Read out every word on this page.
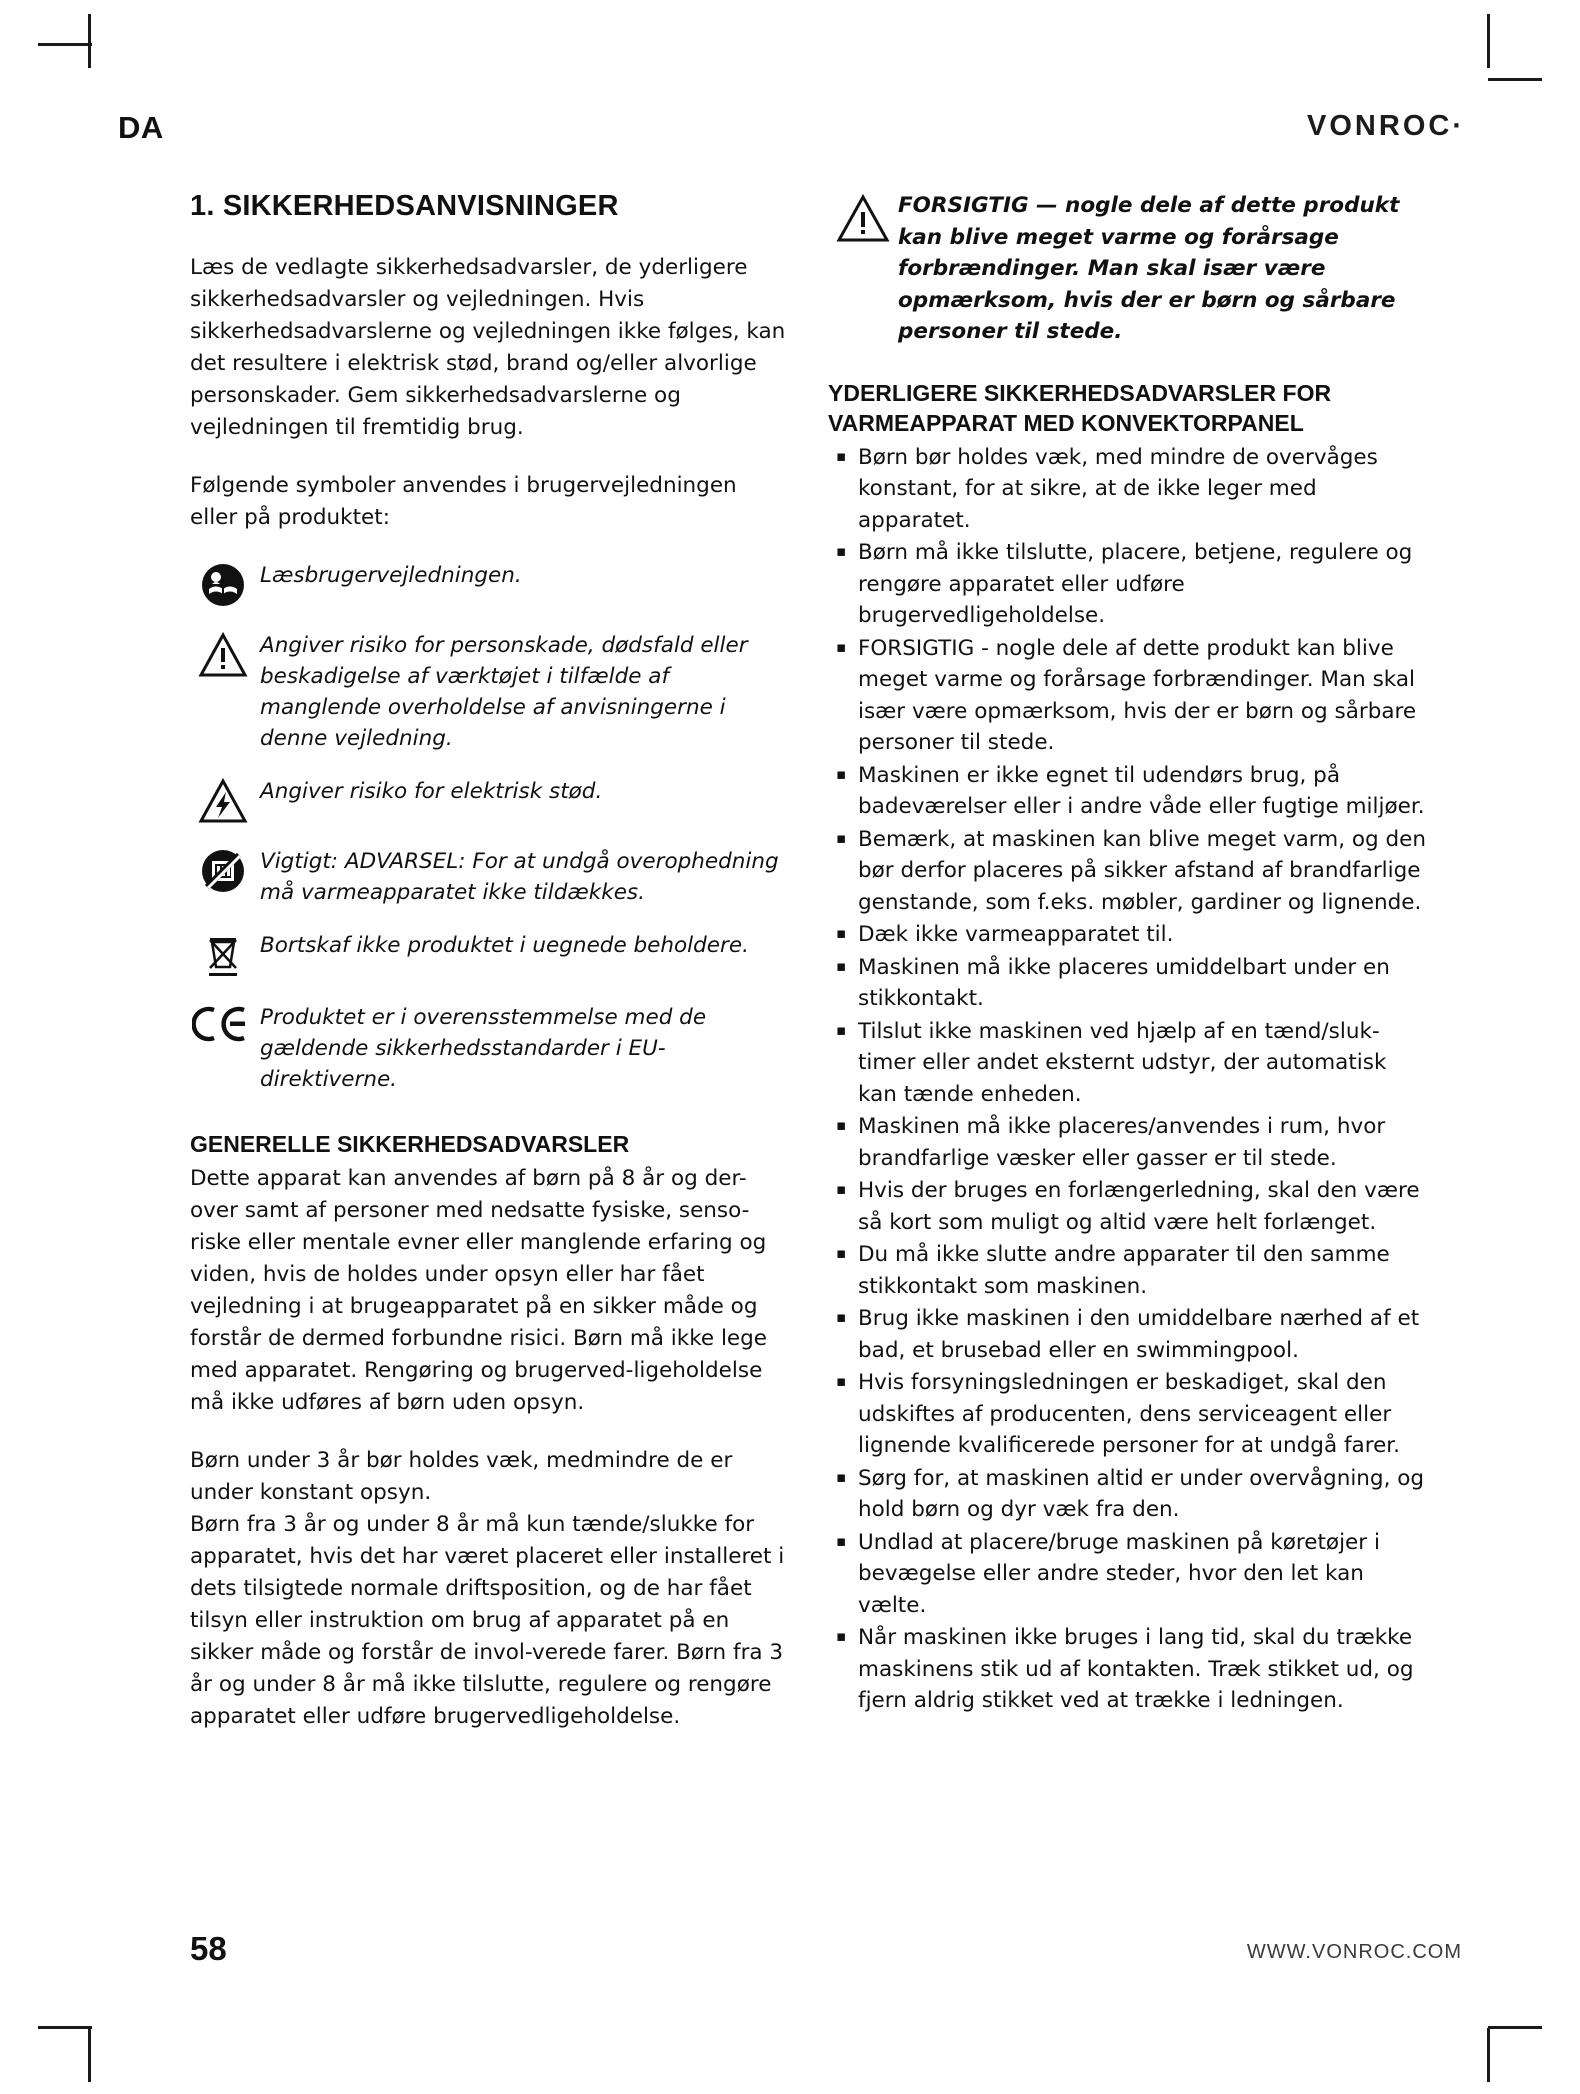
DA	VONROC·
1. SIKKERHEDSANVISNINGER

Læs de vedlagte sikkerhedsadvarsler, de yderligere sikkerhedsadvarsler og vejledningen. Hvis sikkerhedsadvarslerne og vejledningen ikke følges, kan det resultere i elektrisk stød, brand og/eller alvorlige personskader. Gem sikkerhedsadvarslerne og vejledningen til fremtidig brug.

Følgende symboler anvendes i brugervejledningen eller på produktet:

Læsbrugervejledningen.
Angiver risiko for personskade, dødsfald eller beskadigelse af værktøjet i tilfælde af manglende overholdelse af anvisningerne i denne vejledning.
Angiver risiko for elektrisk stød.
Vigtigt: ADVARSEL: For at undgå overophedning må varmeapparatet ikke tildækkes.
Bortskaf ikke produktet i uegnede beholdere.
Produktet er i overensstemmelse med de gældende sikkerhedsstandarder i EU-direktiverne.
GENERELLE SIKKERHEDSADVARSLER

Dette apparat kan anvendes af børn på 8 år og der-over samt af personer med nedsatte fysiske, senso-riske eller mentale evner eller manglende erfaring og viden, hvis de holdes under opsyn eller har fået vejledning i at brugeapparatet på en sikker måde og forstår de dermed forbundne risici. Børn må ikke lege med apparatet. Rengøring og brugerved-ligeholdelse må ikke udføres af børn uden opsyn.

Børn under 3 år bør holdes væk, medmindre de er under konstant opsyn.

Børn fra 3 år og under 8 år må kun tænde/slukke for apparatet, hvis det har været placeret eller installeret i dets tilsigtede normale driftsposition, og de har fået tilsyn eller instruktion om brug af apparatet på en sikker måde og forstår de invol-verede farer. Børn fra 3 år og under 8 år må ikke tilslutte, regulere og rengøre apparatet eller udføre brugervedligeholdelse.

FORSIGTIG — nogle dele af dette produkt kan blive meget varme og forårsage forbrændinger. Man skal især være opmærksom, hvis der er børn og sårbare personer til stede.
YDERLIGERE SIKKERHEDSADVARSLER FOR VARMEAPPARAT MED KONVEKTORPANEL
▪ Børn bør holdes væk, med mindre de overvåges konstant, for at sikre, at de ikke leger med apparatet.
▪ Børn må ikke tilslutte, placere, betjene, regulere og rengøre apparatet eller udføre brugervedligeholdelse.
▪ FORSIGTIG - nogle dele af dette produkt kan blive meget varme og forårsage forbrændinger. Man skal især være opmærksom, hvis der er børn og sårbare personer til stede.
▪ Maskinen er ikke egnet til udendørs brug, på badeværelser eller i andre våde eller fugtige miljøer.
▪ Bemærk, at maskinen kan blive meget varm, og den bør derfor placeres på sikker afstand af brandfarlige genstande, som f.eks. møbler, gardiner og lignende.
▪ Dæk ikke varmeapparatet til.
▪ Maskinen må ikke placeres umiddelbart under en stikkontakt.
▪ Tilslut ikke maskinen ved hjælp af en tænd/sluk-timer eller andet eksternt udstyr, der automatisk kan tænde enheden.
▪ Maskinen må ikke placeres/anvendes i rum, hvor brandfarlige væsker eller gasser er til stede.
▪ Hvis der bruges en forlængerledning, skal den være så kort som muligt og altid være helt forlænget.
▪ Du må ikke slutte andre apparater til den samme stikkontakt som maskinen.
▪ Brug ikke maskinen i den umiddelbare nærhed af et bad, et brusebad eller en swimmingpool.
▪ Hvis forsyningsledningen er beskadiget, skal den udskiftes af producenten, dens serviceagent eller lignende kvalificerede personer for at undgå farer.
▪ Sørg for, at maskinen altid er under overvågning, og hold børn og dyr væk fra den.
▪ Undlad at placere/bruge maskinen på køretøjer i bevægelse eller andre steder, hvor den let kan vælte.
▪ Når maskinen ikke bruges i lang tid, skal du trække maskinens stik ud af kontakten. Træk stikket ud, og fjern aldrig stikket ved at trække i ledningen.
58	WWW.VONROC.COM
